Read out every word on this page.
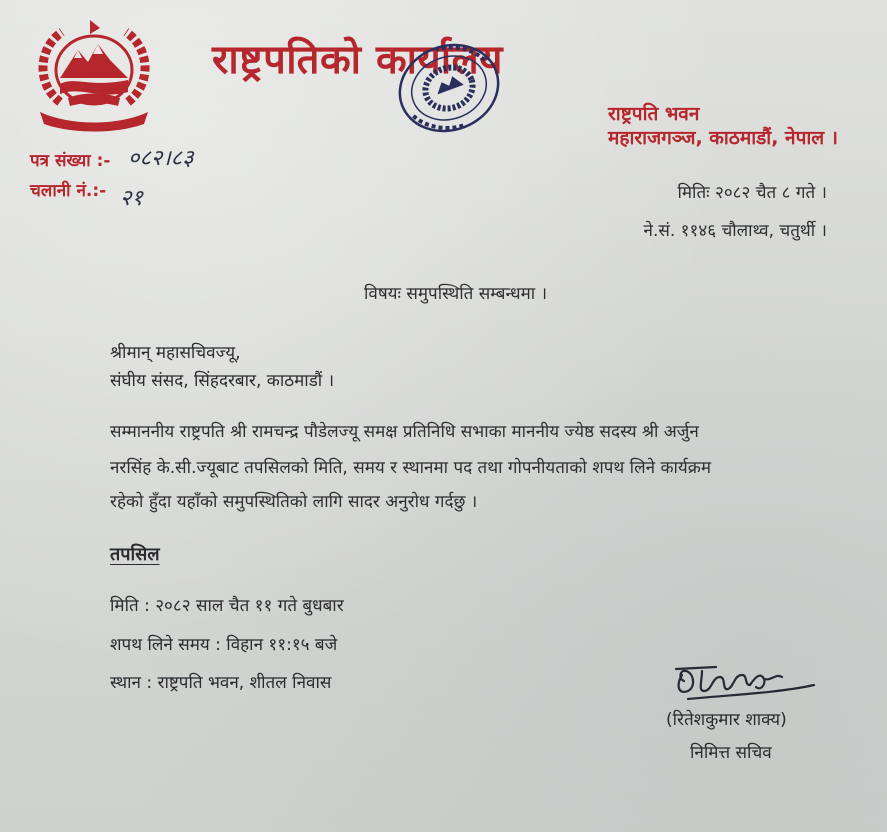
राष्ट्रपतिको कार्यालय
राष्ट्रपति भवन
महाराजगञ्ज, काठमाडौं, नेपाल ।
पत्र संख्या :- ०८२।८३
चलानी नं.:- २१	मितिः २०८२ चैत ८ गते ।
ने.सं. ११४६ चौलाथ्व, चतुर्थी ।
विषयः समुपस्थिति सम्बन्धमा ।
श्रीमान् महासचिवज्यू,
संघीय संसद, सिंहदरबार, काठमाडौं ।
सम्माननीय राष्ट्रपति श्री रामचन्द्र पौडेलज्यू समक्ष प्रतिनिधि सभाका माननीय ज्येष्ठ सदस्य श्री अर्जुन
नरसिंह के.सी.ज्यूबाट तपसिलको मिति, समय र स्थानमा पद तथा गोपनीयताको शपथ लिने कार्यक्रम
रहेको हुँदा यहाँको समुपस्थितिको लागि सादर अनुरोध गर्दछु ।
तपसिल
मिति : २०८२ साल चैत ११ गते बुधबार
शपथ लिने समय : विहान ११:१५ बजे
स्थान : राष्ट्रपति भवन, शीतल निवास
(रितेशकुमार शाक्य)
निमित्त सचिव
